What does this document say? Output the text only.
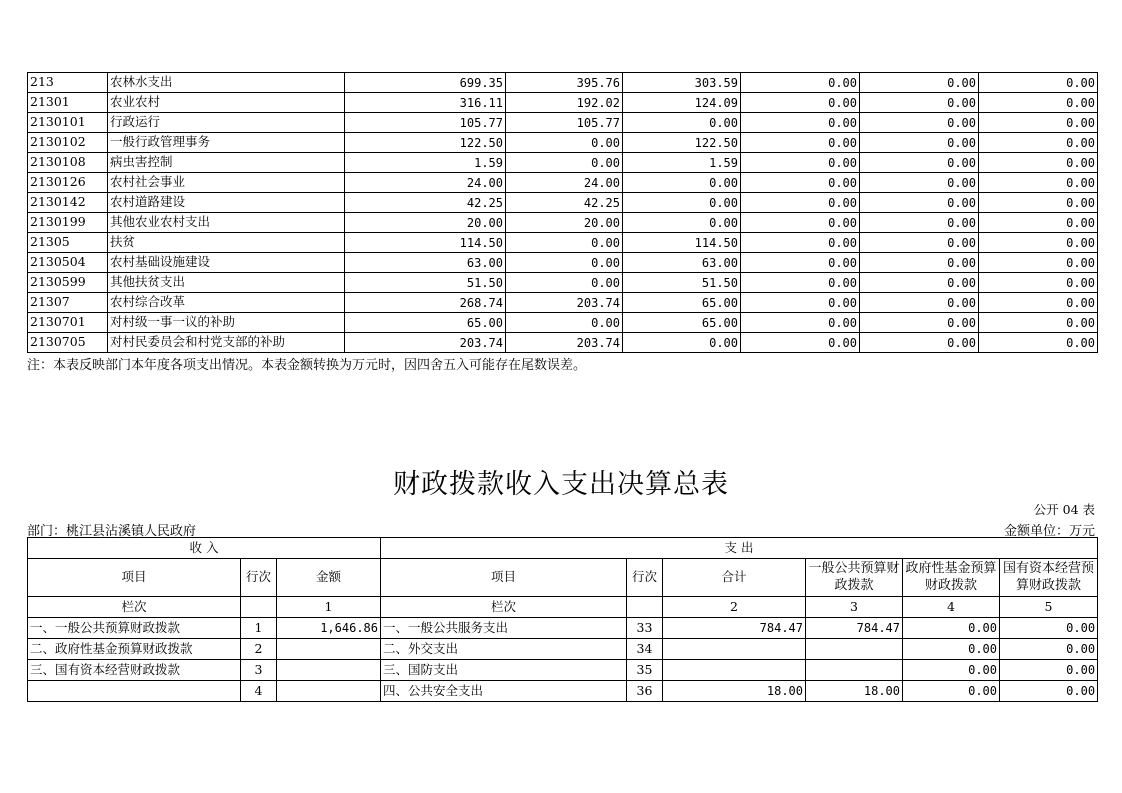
213	农林水支出	699.35	395.76	303.59	0.00	0.00	0.00
21301	农业农村	316.11	192.02	124.09	0.00	0.00	0.00
2130101	行政运行	105.77	105.77	0.00	0.00	0.00	0.00
2130102	一般行政管理事务	122.50	0.00	122.50	0.00	0.00	0.00
2130108	病虫害控制	1.59	0.00	1.59	0.00	0.00	0.00
2130126	农村社会事业	24.00	24.00	0.00	0.00	0.00	0.00
2130142	农村道路建设	42.25	42.25	0.00	0.00	0.00	0.00
2130199	其他农业农村支出	20.00	20.00	0.00	0.00	0.00	0.00
21305	扶贫	114.50	0.00	114.50	0.00	0.00	0.00
2130504	农村基础设施建设	63.00	0.00	63.00	0.00	0.00	0.00
2130599	其他扶贫支出	51.50	0.00	51.50	0.00	0.00	0.00
21307	农村综合改革	268.74	203.74	65.00	0.00	0.00	0.00
2130701	对村级一事一议的补助	65.00	0.00	65.00	0.00	0.00	0.00
2130705	对村民委员会和村党支部的补助	203.74	203.74	0.00	0.00	0.00	0.00
注：本表反映部门本年度各项支出情况。本表金额转换为万元时，因四舍五入可能存在尾数误差。
财政拨款收入支出决算总表
公开 04 表
部门：桃江县沾溪镇人民政府	金额单位：万元
收 入			支 出					
项目	行次	金额	项目	行次	合计	一般公共预算财政拨款	政府性基金预算财政拨款	国有资本经营预算财政拨款
栏次		1	栏次		2	3	4	5
一、一般公共预算财政拨款	1	1,646.86	一、一般公共服务支出	33	784.47	784.47	0.00	0.00
二、政府性基金预算财政拨款	2		二、外交支出	34			0.00	0.00
三、国有资本经营财政拨款	3		三、国防支出	35			0.00	0.00
	4		四、公共安全支出	36	18.00	18.00	0.00	0.00
